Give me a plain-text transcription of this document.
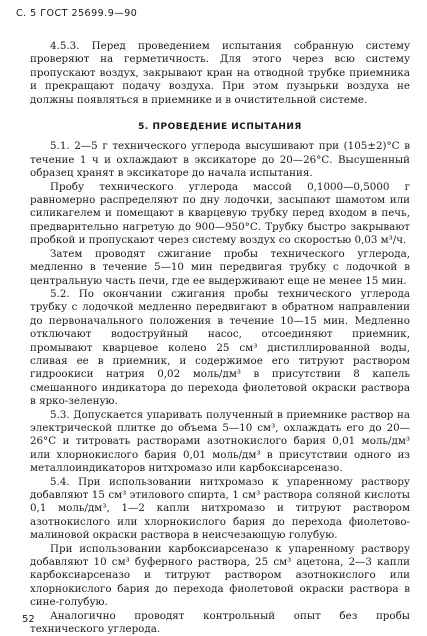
С. 5 ГОСТ 25699.9—90

4.5.3. Перед проведением испытания собранную систему проверяют на герметичность. Для этого через всю систему пропускают воздух, закрывают кран на отводной трубке приемника и прекращают подачу воздуха. При этом пузырьки воздуха не должны появляться в приемнике и в очистительной системе.

5. ПРОВЕДЕНИЕ ИСПЫТАНИЯ

5.1. 2—5 г технического углерода высушивают при (105±2)°С в течение 1 ч и охлаждают в эксикаторе до 20—26°С. Высушенный образец хранят в эксикаторе до начала испытания.

Пробу технического углерода массой 0,1000—0,5000 г равномерно распределяют по дну лодочки, засыпают шамотом или силикагелем и помещают в кварцевую трубку перед входом в печь, предварительно нагретую до 900—950°С. Трубку быстро закрывают пробкой и пропускают через систему воздух со скоростью 0,03 м³/ч.

Затем проводят сжигание пробы технического углерода, медленно в течение 5—10 мин передвигая трубку с лодочкой в центральную часть печи, где ее выдерживают еще не менее 15 мин.

5.2. По окончании сжигания пробы технического углерода трубку с лодочкой медленно передвигают в обратном направлении до первоначального положения в течение 10—15 мин. Медленно отключают водоструйный насос, отсоединяют приемник, промывают кварцевое колено 25 см³ дистиллированной воды, сливая ее в приемник, и содержимое его титруют раствором гидроокиси натрия 0,02 моль/дм³ в присутствии 8 капель смешанного индикатора до перехода фиолетовой окраски раствора в ярко-зеленую.

5.3. Допускается упаривать полученный в приемнике раствор на электрической плитке до объема 5—10 см³, охлаждать его до 20—26°С и титровать растворами азотнокислого бария 0,01 моль/дм³ или хлорнокислого бария 0,01 моль/дм³ в присутствии одного из металлоиндикаторов нитхромазо или карбоксиарсеназо.

5.4. При использовании нитхромазо к упаренному раствору добавляют 15 см³ этилового спирта, 1 см³ раствора соляной кислоты 0,1 моль/дм³, 1—2 капли нитхромазо и титруют раствором азотнокислого или хлорнокислого бария до перехода фиолетово-малиновой окраски раствора в неисчезающую голубую.

При использовании карбоксиарсеназо к упаренному раствору добавляют 10 см³ буферного раствора, 25 см³ ацетона, 2—3 капли карбоксиарсеназо и титруют раствором азотнокислого или хлорнокислого бария до перехода фиолетовой окраски раствора в сине-голубую.

Аналогично проводят контрольный опыт без пробы технического углерода.

52
